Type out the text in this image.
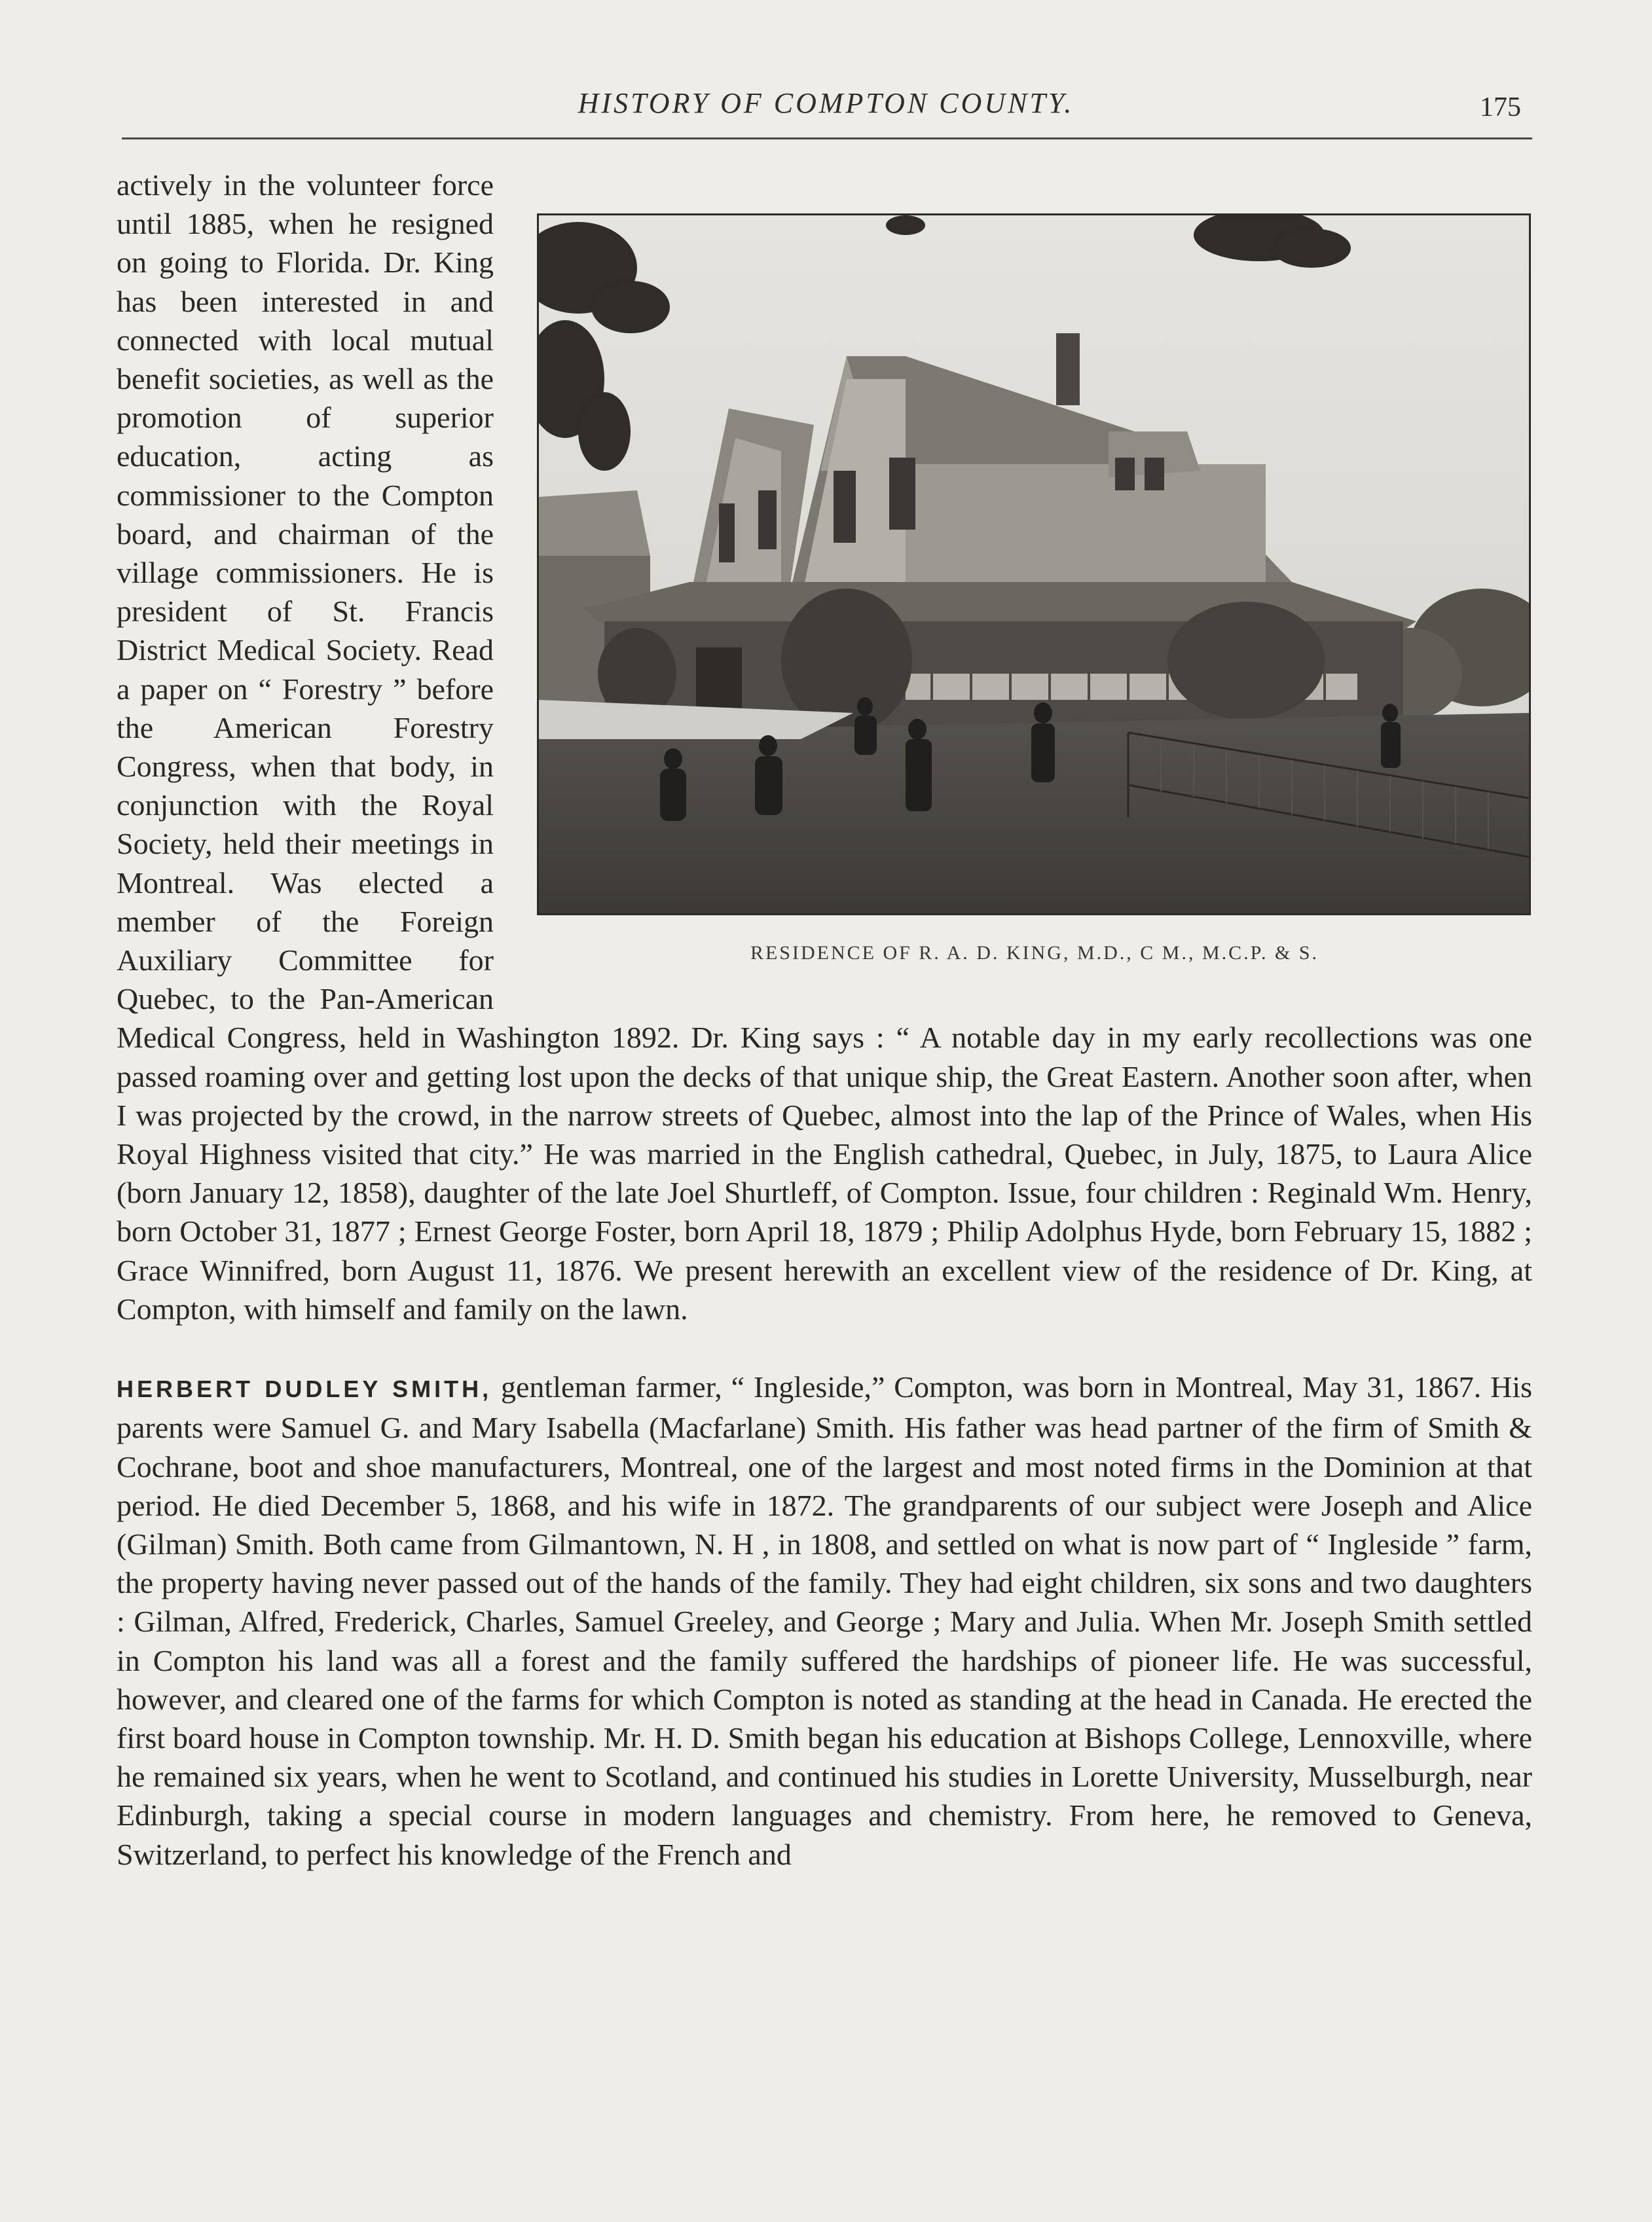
HISTORY OF COMPTON COUNTY.	175
RESIDENCE OF R. A. D. KING, M.D., C M., M.C.P. & S.

actively in the volunteer force until 1885, when he resigned on going to Florida. Dr. King has been interested in and connected with local mutual benefit societies, as well as the promotion of superior education, acting as commissioner to the Compton board, and chairman of the village commissioners. He is president of St. Francis District Medical Society. Read a paper on “ Forestry ” before the American Forestry Congress, when that body, in conjunction with the Royal Society, held their meetings in Montreal. Was elected a member of the Foreign Auxiliary Committee for Quebec, to the Pan-American Medical Congress, held in Washington 1892. Dr. King says : “ A notable day in my early recollections was one passed roaming over and getting lost upon the decks of that unique ship, the Great Eastern. Another soon after, when I was projected by the crowd, in the narrow streets of Quebec, almost into the lap of the Prince of Wales, when His Royal Highness visited that city.” He was married in the English cathedral, Quebec, in July, 1875, to Laura Alice (born January 12, 1858), daughter of the late Joel Shurtleff, of Compton. Issue, four children : Reginald Wm. Henry, born October 31, 1877 ; Ernest George Foster, born April 18, 1879 ; Philip Adolphus Hyde, born February 15, 1882 ; Grace Winnifred, born August 11, 1876. We present herewith an excellent view of the residence of Dr. King, at Compton, with himself and family on the lawn.

HERBERT DUDLEY SMITH, gentleman farmer, “ Ingleside,” Compton, was born in Montreal, May 31, 1867. His parents were Samuel G. and Mary Isabella (Macfarlane) Smith. His father was head partner of the firm of Smith & Cochrane, boot and shoe manufacturers, Montreal, one of the largest and most noted firms in the Dominion at that period. He died December 5, 1868, and his wife in 1872. The grandparents of our subject were Joseph and Alice (Gilman) Smith. Both came from Gilmantown, N. H , in 1808, and settled on what is now part of “ Ingleside ” farm, the property having never passed out of the hands of the family. They had eight children, six sons and two daughters : Gilman, Alfred, Frederick, Charles, Samuel Greeley, and George ; Mary and Julia. When Mr. Joseph Smith settled in Compton his land was all a forest and the family suffered the hardships of pioneer life. He was successful, however, and cleared one of the farms for which Compton is noted as standing at the head in Canada. He erected the first board house in Compton township. Mr. H. D. Smith began his education at Bishops College, Lennoxville, where he remained six years, when he went to Scotland, and continued his studies in Lorette University, Musselburgh, near Edinburgh, taking a special course in modern languages and chemistry. From here, he removed to Geneva, Switzerland, to perfect his knowledge of the French and
